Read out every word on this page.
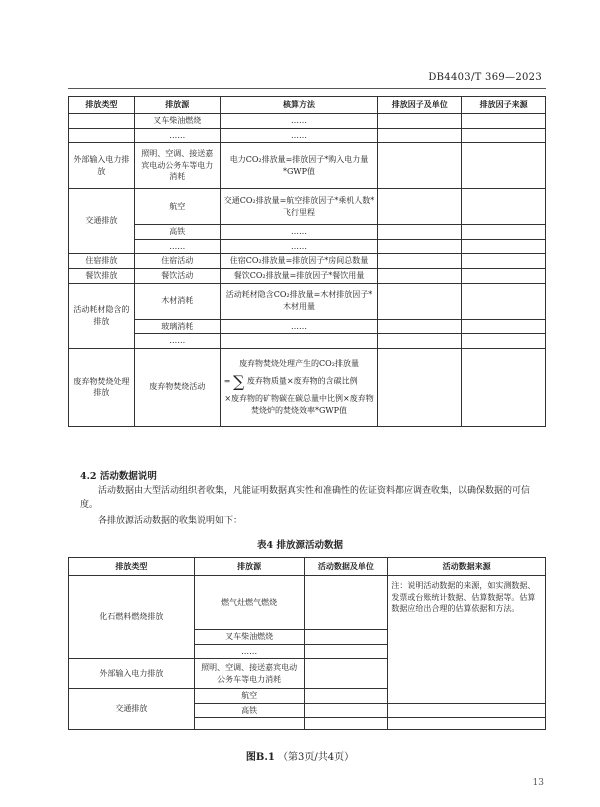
DB4403/T 369—2023
排放类型	排放源	核算方法	排放因子及单位	排放因子来源
	叉车柴油燃烧	……		
	……	……		
外部输入电力排放	照明、空调、接送嘉宾电动公务车等电力消耗	电力CO₂排放量=排放因子*购入电力量*GWP值		
交通排放	航空	交通CO₂排放量=航空排放因子*乘机人数*飞行里程		
	高铁	……		
	……	……		
住宿排放	住宿活动	住宿CO₂排放量=排放因子*房间总数量		
餐饮排放	餐饮活动	餐饮CO₂排放量=排放因子*餐饮用量		
活动耗材隐含的排放	木材消耗	活动耗材隐含CO₂排放量=木材排放因子*木材用量		
	玻璃消耗	……		
	……			
废弃物焚烧处理排放	废弃物焚烧活动	废弃物焚烧处理产生的CO₂排放量
= ∑ 废弃物质量×废弃物的含碳比例
×废弃物的矿物碳在碳总量中比例×废弃物焚烧炉的焚烧效率*GWP值		

4.2 活动数据说明
活动数据由大型活动组织者收集，凡能证明数据真实性和准确性的佐证资料都应调查收集，以确保数据的可信度。
各排放源活动数据的收集说明如下：
表4 排放源活动数据
排放类型	排放源	活动数据及单位	活动数据来源
化石燃料燃烧排放	燃气灶燃气燃烧		注：说明活动数据的来源，如实测数据、发票或台账统计数据、估算数据等。估算数据应给出合理的估算依据和方法。
	叉车柴油燃烧		
	……		
外部输入电力排放	照明、空调、接送嘉宾电动公务车等电力消耗		
交通排放	航空		
	高铁		

图B.1 （第3页/共4页）
13
